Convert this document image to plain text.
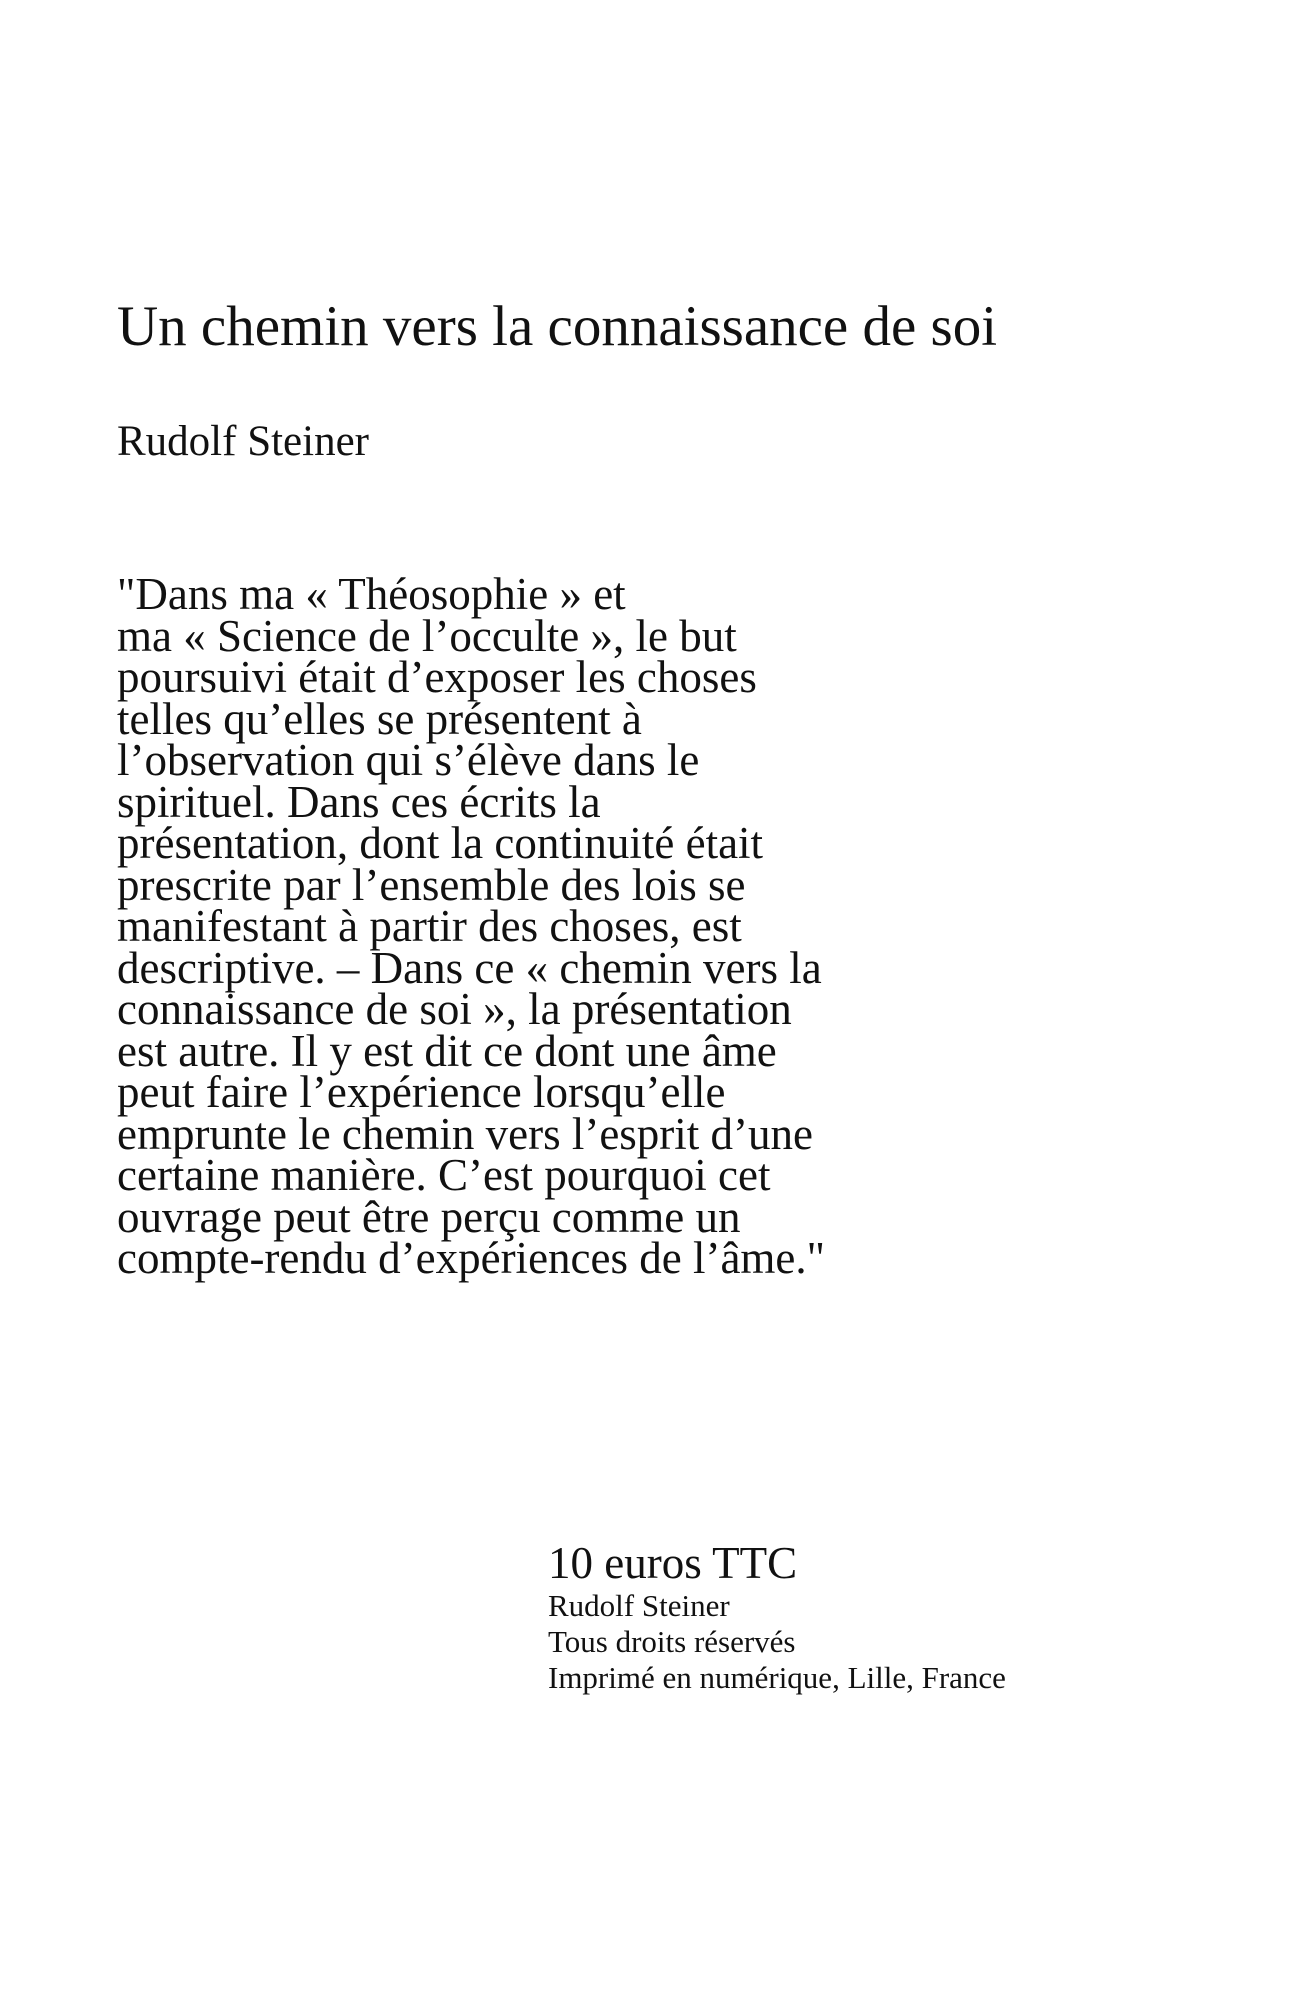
Un chemin vers la connaissance de soi

Rudolf Steiner

"Dans ma « Théosophie » et
ma « Science de l’occulte », le but
poursuivi était d’exposer les choses
telles qu’elles se présentent à
l’observation qui s’élève dans le
spirituel. Dans ces écrits la
présentation, dont la continuité était
prescrite par l’ensemble des lois se
manifestant à partir des choses, est
descriptive. – Dans ce « chemin vers la
connaissance de soi », la présentation
est autre. Il y est dit ce dont une âme
peut faire l’expérience lorsqu’elle
emprunte le chemin vers l’esprit d’une
certaine manière. C’est pourquoi cet
ouvrage peut être perçu comme un
compte-rendu d’expériences de l’âme."
10 euros TTC
Rudolf Steiner
Tous droits réservés
Imprimé en numérique, Lille, France
